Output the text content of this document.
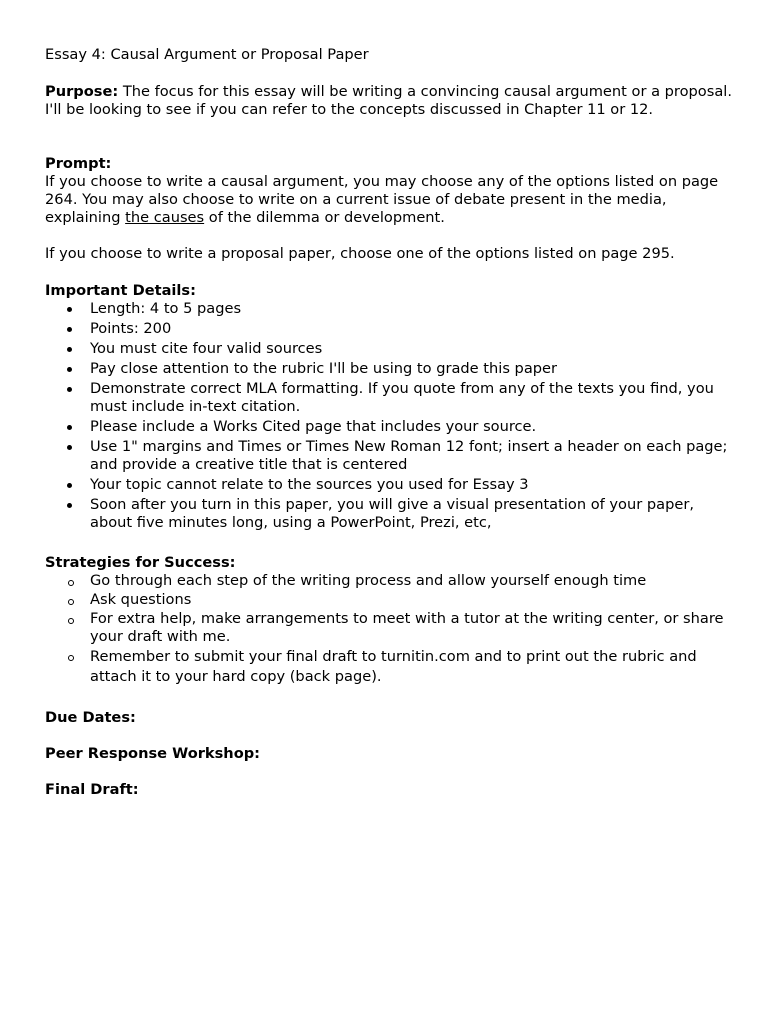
Essay 4: Causal Argument or Proposal Paper
Purpose: The focus for this essay will be writing a convincing causal argument or a proposal. I'll be looking to see if you can refer to the concepts discussed in Chapter 11 or 12.
Prompt:
If you choose to write a causal argument, you may choose any of the options listed on page 264. You may also choose to write on a current issue of debate present in the media, explaining the causes of the dilemma or development.
If you choose to write a proposal paper, choose one of the options listed on page 295.
Important Details:
Length: 4 to 5 pages
Points: 200
You must cite four valid sources
Pay close attention to the rubric I'll be using to grade this paper
Demonstrate correct MLA formatting. If you quote from any of the texts you find, you must include in-text citation.
Please include a Works Cited page that includes your source.
Use 1" margins and Times or Times New Roman 12 font; insert a header on each page; and provide a creative title that is centered
Your topic cannot relate to the sources you used for Essay 3
Soon after you turn in this paper, you will give a visual presentation of your paper, about five minutes long, using a PowerPoint, Prezi, etc,
Strategies for Success:
Go through each step of the writing process and allow yourself enough time
Ask questions
For extra help, make arrangements to meet with a tutor at the writing center, or share your draft with me.
Remember to submit your final draft to turnitin.com and to print out the rubric and attach it to your hard copy (back page).
Due Dates:
Peer Response Workshop:
Final Draft:
